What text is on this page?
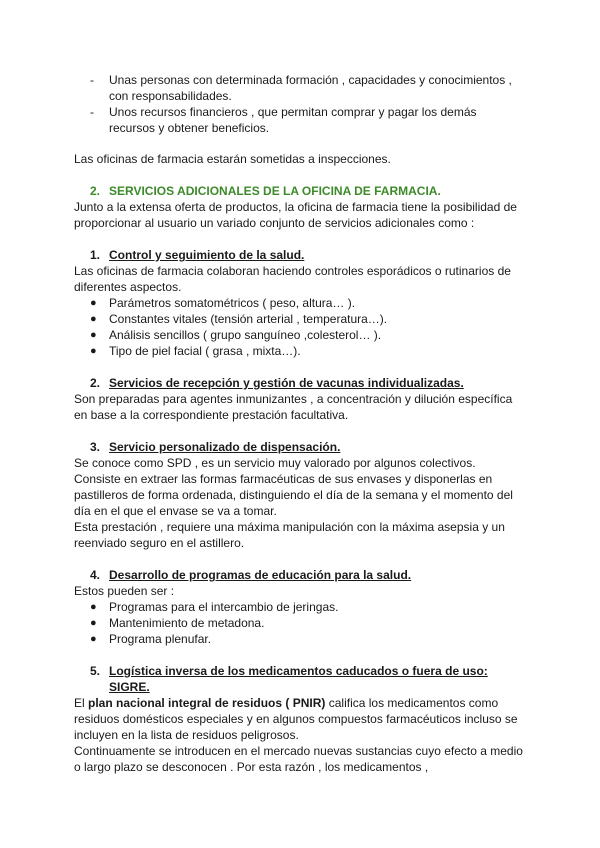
- Unas personas con determinada formación , capacidades y conocimientos ,
con responsabilidades.
- Unos recursos financieros , que permitan comprar y pagar los demás
recursos y obtener beneficios.
Las oficinas de farmacia estarán sometidas a inspecciones.
2. SERVICIOS ADICIONALES DE LA OFICINA DE FARMACIA.
Junto a la extensa oferta de productos, la oficina de farmacia tiene la posibilidad de
proporcionar al usuario un variado conjunto de servicios adicionales como :
1. Control y seguimiento de la salud.
Las oficinas de farmacia colaboran haciendo controles esporádicos o rutinarios de
diferentes aspectos.
● Parámetros somatométricos ( peso, altura… ).
● Constantes vitales (tensión arterial , temperatura…).
● Análisis sencillos ( grupo sanguíneo ,colesterol… ).
● Tipo de piel facial ( grasa , mixta…).
2. Servicios de recepción y gestión de vacunas individualizadas.
Son preparadas para agentes inmunizantes , a concentración y dilución específica
en base a la correspondiente prestación facultativa.
3. Servicio personalizado de dispensación.
Se conoce como SPD , es un servicio muy valorado por algunos colectivos.
Consiste en extraer las formas farmacéuticas de sus envases y disponerlas en
pastilleros de forma ordenada, distinguiendo el día de la semana y el momento del
día en el que el envase se va a tomar.
Esta prestación , requiere una máxima manipulación con la máxima asepsia y un
reenviado seguro en el astillero.
4. Desarrollo de programas de educación para la salud.
Estos pueden ser :
● Programas para el intercambio de jeringas.
● Mantenimiento de metadona.
● Programa plenufar.
5. Logística inversa de los medicamentos caducados o fuera de uso:
SIGRE.
El plan nacional integral de residuos ( PNIR) califica los medicamentos como
residuos domésticos especiales y en algunos compuestos farmacéuticos incluso se
incluyen en la lista de residuos peligrosos.
Continuamente se introducen en el mercado nuevas sustancias cuyo efecto a medio
o largo plazo se desconocen . Por esta razón , los medicamentos ,
